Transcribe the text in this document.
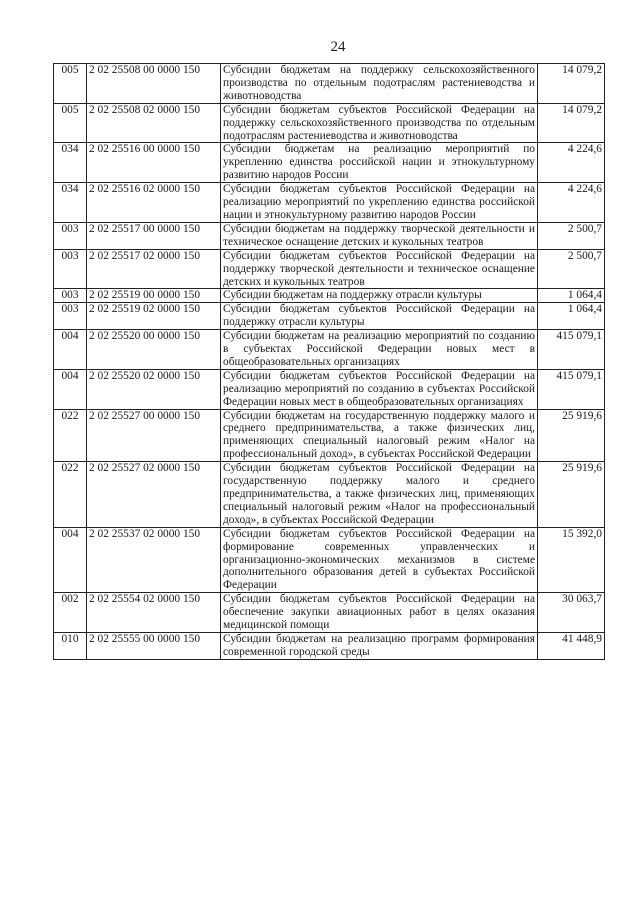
24
005	2 02 25508 00 0000 150	Субсидии бюджетам на поддержку сельскохозяйственного производства по отдельным подотраслям растениеводства и животноводства	14 079,2
005	2 02 25508 02 0000 150	Субсидии бюджетам субъектов Российской Федерации на поддержку сельскохозяйственного производства по отдельным подотраслям растениеводства и животноводства	14 079,2
034	2 02 25516 00 0000 150	Субсидии бюджетам на реализацию мероприятий по укреплению единства российской нации и этнокультурному развитию народов России	4 224,6
034	2 02 25516 02 0000 150	Субсидии бюджетам субъектов Российской Федерации на реализацию мероприятий по укреплению единства российской нации и этнокультурному развитию народов России	4 224,6
003	2 02 25517 00 0000 150	Субсидии бюджетам на поддержку творческой деятельности и техническое оснащение детских и кукольных театров	2 500,7
003	2 02 25517 02 0000 150	Субсидии бюджетам субъектов Российской Федерации на поддержку творческой деятельности и техническое оснащение детских и кукольных театров	2 500,7
003	2 02 25519 00 0000 150	Субсидии бюджетам на поддержку отрасли культуры	1 064,4
003	2 02 25519 02 0000 150	Субсидии бюджетам субъектов Российской Федерации на поддержку отрасли культуры	1 064,4
004	2 02 25520 00 0000 150	Субсидии бюджетам на реализацию мероприятий по созданию в субъектах Российской Федерации новых мест в общеобразовательных организациях	415 079,1
004	2 02 25520 02 0000 150	Субсидии бюджетам субъектов Российской Федерации на реализацию мероприятий по созданию в субъектах Российской Федерации новых мест в общеобразовательных организациях	415 079,1
022	2 02 25527 00 0000 150	Субсидии бюджетам на государственную поддержку малого и среднего предпринимательства, а также физических лиц, применяющих специальный налоговый режим «Налог на профессиональный доход», в субъектах Российской Федерации	25 919,6
022	2 02 25527 02 0000 150	Субсидии бюджетам субъектов Российской Федерации на государственную поддержку малого и среднего предпринимательства, а также физических лиц, применяющих специальный налоговый режим «Налог на профессиональный доход», в субъектах Российской Федерации	25 919,6
004	2 02 25537 02 0000 150	Субсидии бюджетам субъектов Российской Федерации на формирование современных управленческих и организационно-экономических механизмов в системе дополнительного образования детей в субъектах Российской Федерации	15 392,0
002	2 02 25554 02 0000 150	Субсидии бюджетам субъектов Российской Федерации на обеспечение закупки авиационных работ в целях оказания медицинской помощи	30 063,7
010	2 02 25555 00 0000 150	Субсидии бюджетам на реализацию программ формирования современной городской среды	41 448,9
